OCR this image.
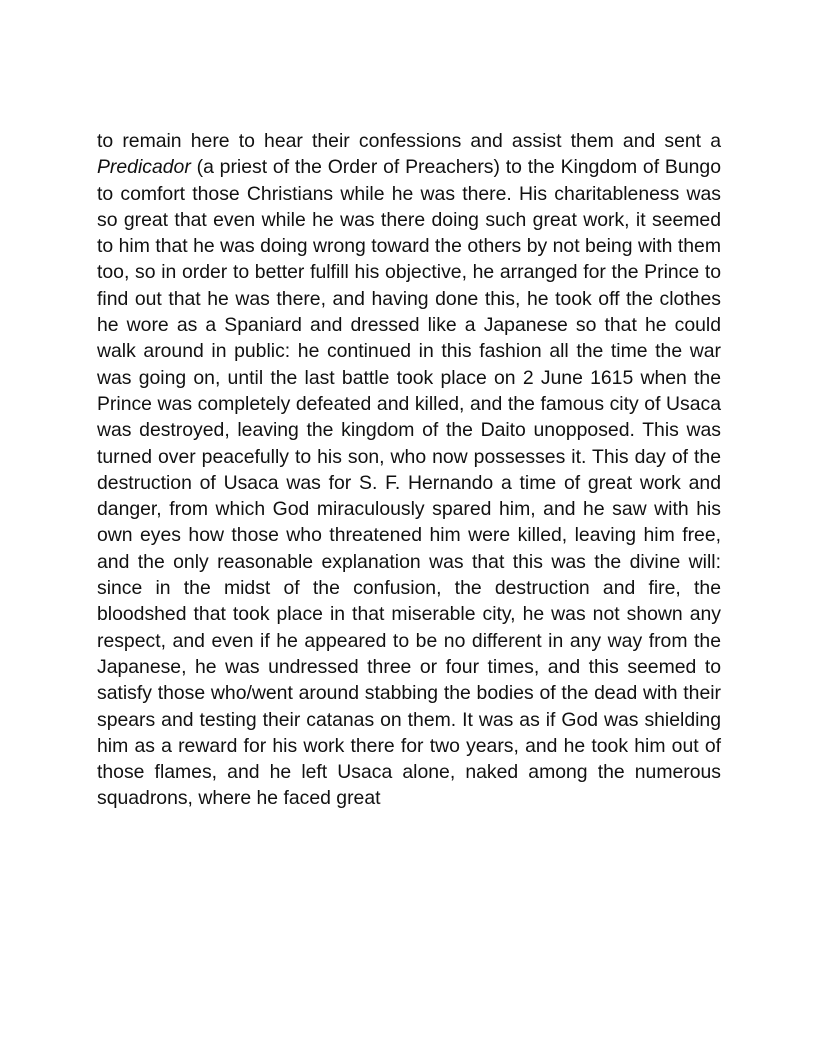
to remain here to hear their confessions and assist them and sent a Predicador (a priest of the Order of Preachers) to the Kingdom of Bungo to comfort those Christians while he was there. His charitableness was so great that even while he was there doing such great work, it seemed to him that he was doing wrong toward the others by not being with them too, so in order to better fulfill his objective, he arranged for the Prince to find out that he was there, and having done this, he took off the clothes he wore as a Spaniard and dressed like a Japanese so that he could walk around in public: he continued in this fashion all the time the war was going on, until the last battle took place on 2 June 1615 when the Prince was completely defeated and killed, and the famous city of Usaca was destroyed, leaving the kingdom of the Daito unopposed. This was turned over peacefully to his son, who now possesses it. This day of the destruction of Usaca was for S. F. Hernando a time of great work and danger, from which God miraculously spared him, and he saw with his own eyes how those who threatened him were killed, leaving him free, and the only reasonable explanation was that this was the divine will: since in the midst of the confusion, the destruction and fire, the bloodshed that took place in that miserable city, he was not shown any respect, and even if he appeared to be no different in any way from the Japanese, he was undressed three or four times, and this seemed to satisfy those who/went around stabbing the bodies of the dead with their spears and testing their catanas on them. It was as if God was shielding him as a reward for his work there for two years, and he took him out of those flames, and he left Usaca alone, naked among the numerous squadrons, where he faced great
